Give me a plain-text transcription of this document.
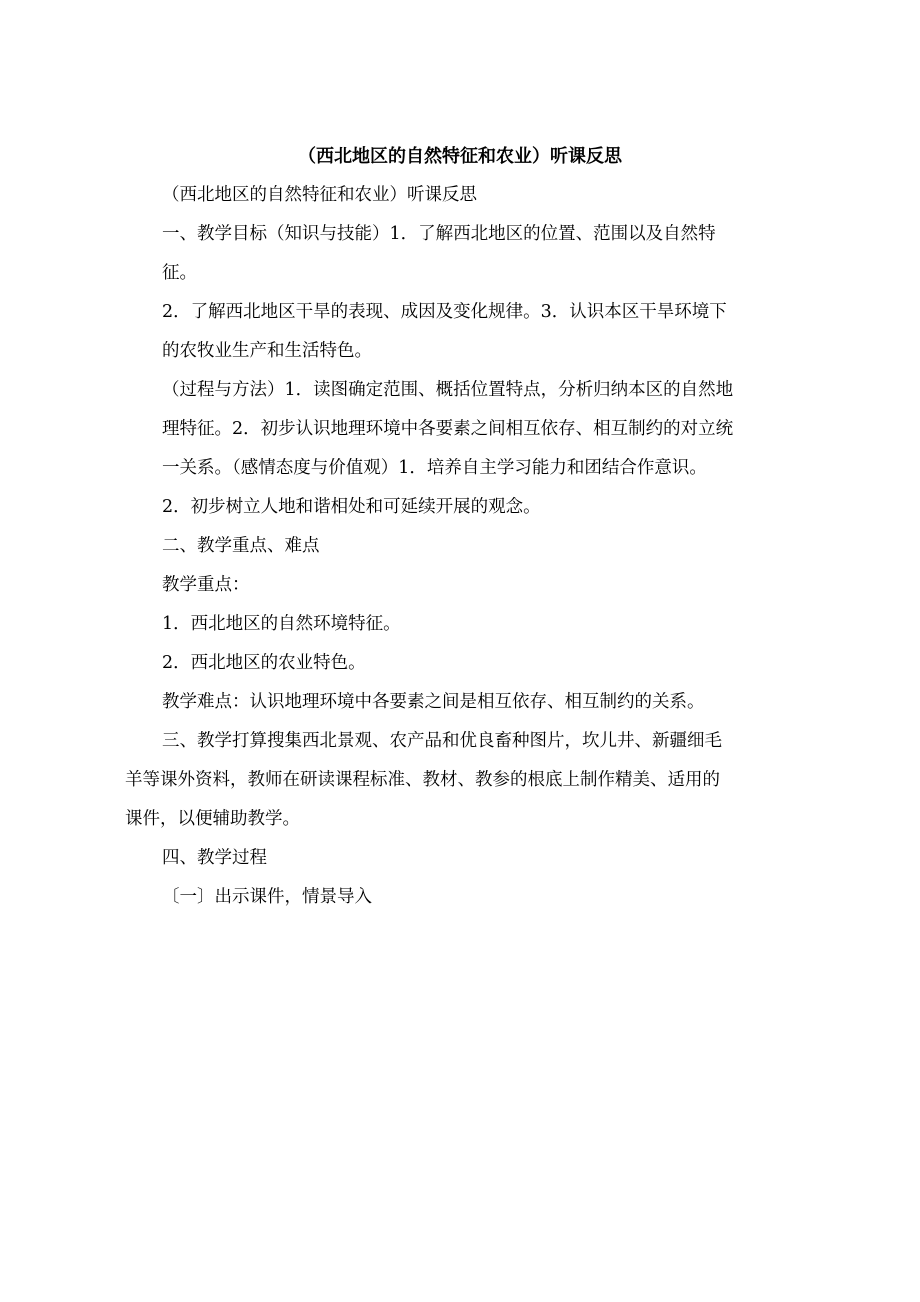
（西北地区的自然特征和农业）听课反思
（西北地区的自然特征和农业）听课反思
一、教学目标（知识与技能）1．了解西北地区的位置、范围以及自然特
征。
2．了解西北地区干旱的表现、成因及变化规律。3．认识本区干旱环境下
的农牧业生产和生活特色。
（过程与方法）1．读图确定范围、概括位置特点，分析归纳本区的自然地
理特征。2．初步认识地理环境中各要素之间相互依存、相互制约的对立统
一关系。（感情态度与价值观）1．培养自主学习能力和团结合作意识。
2．初步树立人地和谐相处和可延续开展的观念。
二、教学重点、难点
教学重点：
1．西北地区的自然环境特征。
2．西北地区的农业特色。
教学难点：认识地理环境中各要素之间是相互依存、相互制约的关系。
三、教学打算搜集西北景观、农产品和优良畜种图片，坎儿井、新疆细毛
羊等课外资料，教师在研读课程标准、教材、教参的根底上制作精美、适用的
课件，以便辅助教学。
四、教学过程
〔一〕出示课件，情景导入
